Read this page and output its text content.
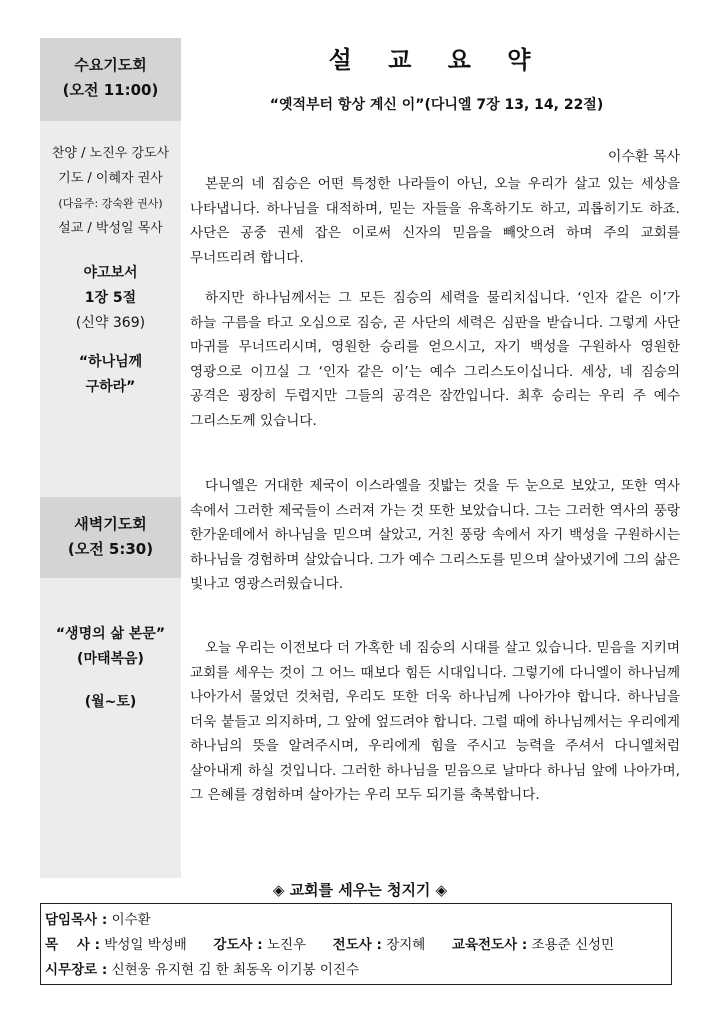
수요기도회
(오전 11:00)
찬양 / 노진우 강도사
기도 / 이혜자 권사
(다음주: 강숙완 권사)
설교 / 박성일 목사
야고보서
1장 5절
(신약 369)
“하나님께
구하라”
새벽기도회
(오전 5:30)
“생명의 삶 본문”
(마태복음)
(월~토)
설 교 요 약
“옛적부터 항상 계신 이”(다니엘 7장 13, 14, 22절)
이수환 목사
본문의 네 짐승은 어떤 특정한 나라들이 아닌, 오늘 우리가 살고 있는 세상을 나타냅니다. 하나님을 대적하며, 믿는 자들을 유혹하기도 하고, 괴롭히기도 하죠. 사단은 공중 권세 잡은 이로써 신자의 믿음을 빼앗으려 하며 주의 교회를 무너뜨리려 합니다.
하지만 하나님께서는 그 모든 짐승의 세력을 물리치십니다. ‘인자 같은 이’가 하늘 구름을 타고 오심으로 짐승, 곧 사단의 세력은 심판을 받습니다. 그렇게 사단 마귀를 무너뜨리시며, 영원한 승리를 얻으시고, 자기 백성을 구원하사 영원한 영광으로 이끄실 그 ‘인자 같은 이’는 예수 그리스도이십니다. 세상, 네 짐승의 공격은 굉장히 두렵지만 그들의 공격은 잠깐입니다. 최후 승리는 우리 주 예수 그리스도께 있습니다.
다니엘은 거대한 제국이 이스라엘을 짓밟는 것을 두 눈으로 보았고, 또한 역사 속에서 그러한 제국들이 스러져 가는 것 또한 보았습니다. 그는 그러한 역사의 풍랑 한가운데에서 하나님을 믿으며 살았고, 거친 풍랑 속에서 자기 백성을 구원하시는 하나님을 경험하며 살았습니다. 그가 예수 그리스도를 믿으며 살아냈기에 그의 삶은 빛나고 영광스러웠습니다.
오늘 우리는 이전보다 더 가혹한 네 짐승의 시대를 살고 있습니다. 믿음을 지키며 교회를 세우는 것이 그 어느 때보다 힘든 시대입니다. 그렇기에 다니엘이 하나님께 나아가서 물었던 것처럼, 우리도 또한 더욱 하나님께 나아가야 합니다. 하나님을 더욱 붙들고 의지하며, 그 앞에 엎드려야 합니다. 그럴 때에 하나님께서는 우리에게 하나님의 뜻을 알려주시며, 우리에게 힘을 주시고 능력을 주셔서 다니엘처럼 살아내게 하실 것입니다. 그러한 하나님을 믿음으로 날마다 하나님 앞에 나아가며, 그 은혜를 경험하며 살아가는 우리 모두 되기를 축복합니다.
◈ 교회를 세우는 청지기 ◈
담임목사 : 이수환
목    사 : 박성일 박성배 강도사 : 노진우 전도사 : 장지혜 교육전도사 : 조용준 신성민
시무장로 : 신현웅 유지현 김 한 최동옥 이기봉 이진수
